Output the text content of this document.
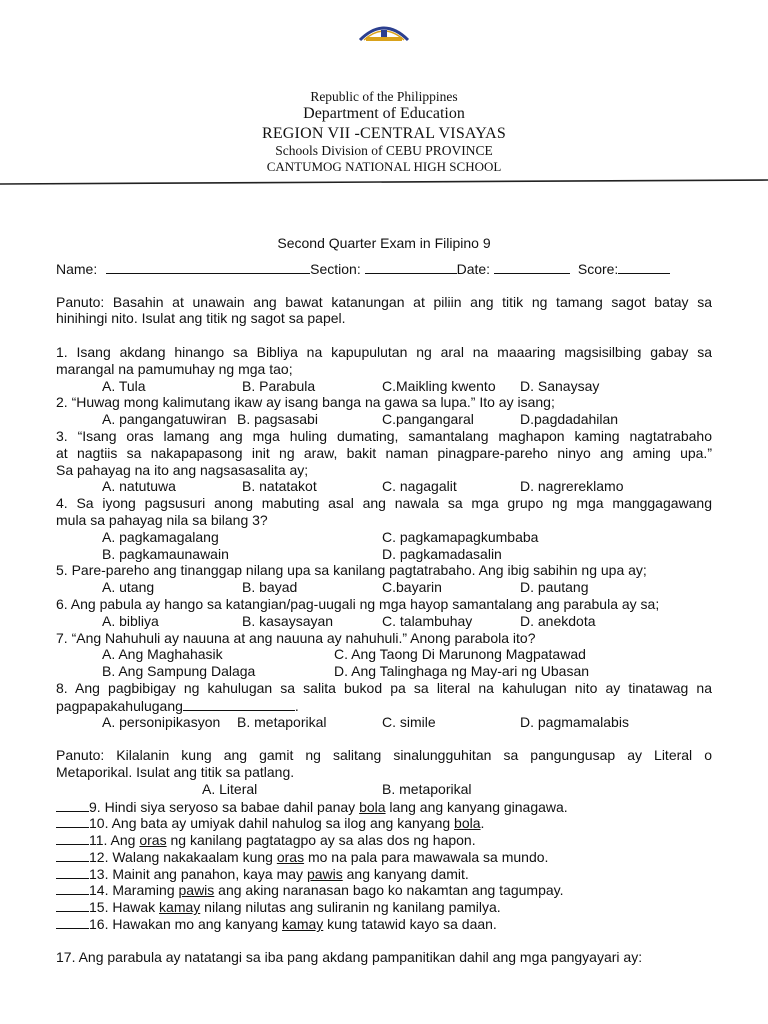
Republic of the Philippines
Department of Education
REGION VII -CENTRAL VISAYAS
Schools Division of CEBU PROVINCE
CANTUMOG NATIONAL HIGH SCHOOL
Second Quarter Exam in Filipino 9
Name:	Section:	Date:	Score:
Panuto: Basahin at unawain ang bawat katanungan at piliin ang titik ng tamang sagot batay sa
hinihingi nito. Isulat ang titik ng sagot sa papel.
1. Isang akdang hinango sa Bibliya na kapupulutan ng aral na maaaring magsisilbing gabay sa
marangal na pamumuhay ng mga tao;
A. Tula	B. Parabula	C.Maikling kwento D. Sanaysay
2. “Huwag mong kalimutang ikaw ay isang banga na gawa sa lupa.” Ito ay isang;
A. pangangatuwiran B. pagsasabi	C.pangangaral	D.pagdadahilan
3. “Isang oras lamang ang mga huling dumating, samantalang maghapon kaming nagtatrabaho
at nagtiis sa nakapapasong init ng araw, bakit naman pinagpare-pareho ninyo ang aming upa.”
Sa pahayag na ito ang nagsasasalita ay;
A. natutuwa	B. natatakot	C. nagagalit	D. nagrereklamo
4. Sa iyong pagsusuri anong mabuting asal ang nawala sa mga grupo ng mga manggagawang
mula sa pahayag nila sa bilang 3?
A. pagkamagalang	C. pagkamapagkumbaba
B. pagkamaunawain	D. pagkamadasalin
5. Pare-pareho ang tinanggap nilang upa sa kanilang pagtatrabaho. Ang ibig sabihin ng upa ay;
A. utang	B. bayad	C.bayarin	D. pautang
6. Ang pabula ay hango sa katangian/pag-uugali ng mga hayop samantalang ang parabula ay sa;
A. bibliya	B. kasaysayan	C. talambuhay	D. anekdota
7. “Ang Nahuhuli ay nauuna at ang nauuna ay nahuhuli.” Anong parabola ito?
A. Ang Maghahasik	C. Ang Taong Di Marunong Magpatawad
B. Ang Sampung Dalaga	D. Ang Talinghaga ng May-ari ng Ubasan
8. Ang pagbibigay ng kahulugan sa salita bukod pa sa literal na kahulugan nito ay tinatawag na
pagpapakahulugang	.
A. personipikasyon B. metaporikal	C. simile	D. pagmamalabis
Panuto: Kilalanin kung ang gamit ng salitang sinalungguhitan sa pangungusap ay Literal o
Metaporikal. Isulat ang titik sa patlang.
A. Literal	B. metaporikal
9. Hindi siya seryoso sa babae dahil panay bola lang ang kanyang ginagawa.
10. Ang bata ay umiyak dahil nahulog sa ilog ang kanyang bola.
11. Ang oras ng kanilang pagtatagpo ay sa alas dos ng hapon.
12. Walang nakakaalam kung oras mo na pala para mawawala sa mundo.
13. Mainit ang panahon, kaya may pawis ang kanyang damit.
14. Maraming pawis ang aking naranasan bago ko nakamtan ang tagumpay.
15. Hawak kamay nilang nilutas ang suliranin ng kanilang pamilya.
16. Hawakan mo ang kanyang kamay kung tatawid kayo sa daan.
17. Ang parabula ay natatangi sa iba pang akdang pampanitikan dahil ang mga pangyayari ay:
